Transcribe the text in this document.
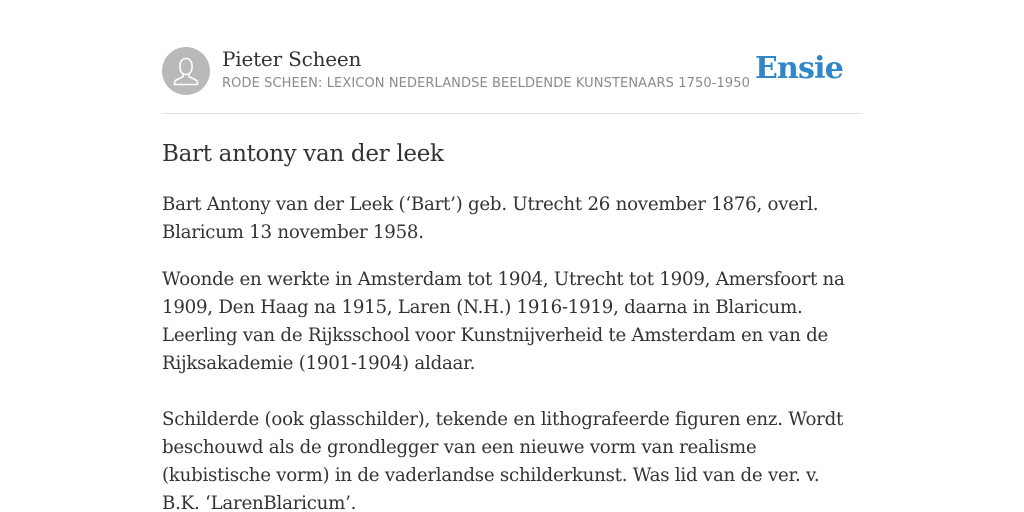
Pieter Scheen
RODE SCHEEN: LEXICON NEDERLANDSE BEELDENDE KUNSTENAARS 1750-1950 Ensie
Bart antony van der leek

Bart Antony van der Leek (‘Bart’) geb. Utrecht 26 november 1876, overl. Blaricum 13 november 1958.

Woonde en werkte in Amsterdam tot 1904, Utrecht tot 1909, Amersfoort na 1909, Den Haag na 1915, Laren (N.H.) 1916-1919, daarna in Blaricum. Leerling van de Rijksschool voor Kunstnijverheid te Amsterdam en van de Rijksakademie (1901-1904) aldaar.

Schilderde (ook glasschilder), tekende en lithografeerde figuren enz. Wordt beschouwd als de grondlegger van een nieuwe vorm van realisme (kubistische vorm) in de vaderlandse schilderkunst. Was lid van de ver. v. B.K. ‘LarenBlaricum’.
